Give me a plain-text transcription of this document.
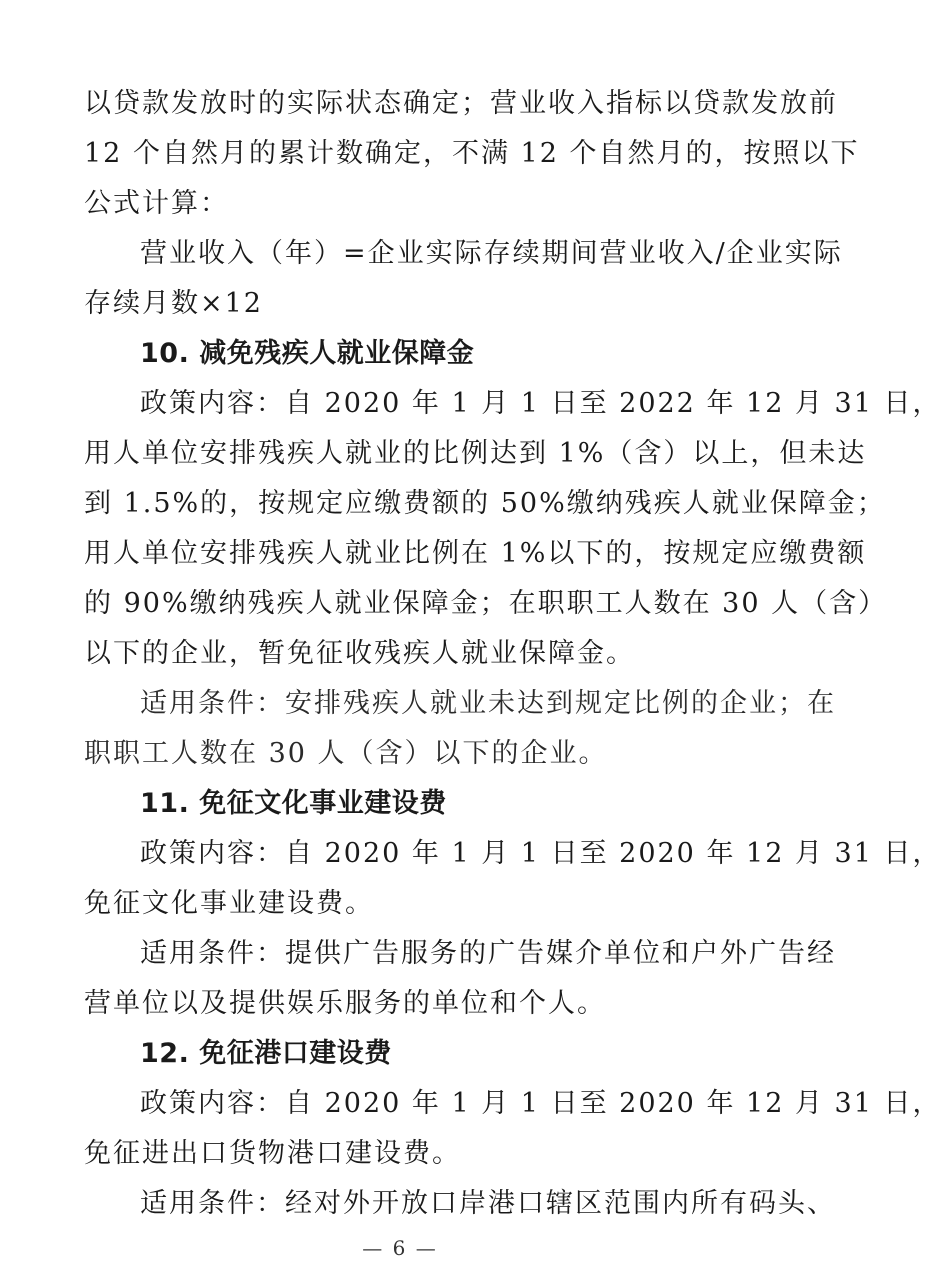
以贷款发放时的实际状态确定；营业收入指标以贷款发放前
12 个自然月的累计数确定，不满 12 个自然月的，按照以下
公式计算：
营业收入（年）=企业实际存续期间营业收入/企业实际
存续月数×12
10. 减免残疾人就业保障金
政策内容：自 2020 年 1 月 1 日至 2022 年 12 月 31 日，
用人单位安排残疾人就业的比例达到 1%（含）以上，但未达
到 1.5%的，按规定应缴费额的 50%缴纳残疾人就业保障金；
用人单位安排残疾人就业比例在 1%以下的，按规定应缴费额
的 90%缴纳残疾人就业保障金；在职职工人数在 30 人（含）
以下的企业，暂免征收残疾人就业保障金。
适用条件：安排残疾人就业未达到规定比例的企业；在
职职工人数在 30 人（含）以下的企业。
11. 免征文化事业建设费
政策内容：自 2020 年 1 月 1 日至 2020 年 12 月 31 日，
免征文化事业建设费。
适用条件：提供广告服务的广告媒介单位和户外广告经
营单位以及提供娱乐服务的单位和个人。
12. 免征港口建设费
政策内容：自 2020 年 1 月 1 日至 2020 年 12 月 31 日，
免征进出口货物港口建设费。
适用条件：经对外开放口岸港口辖区范围内所有码头、
— 6 —
